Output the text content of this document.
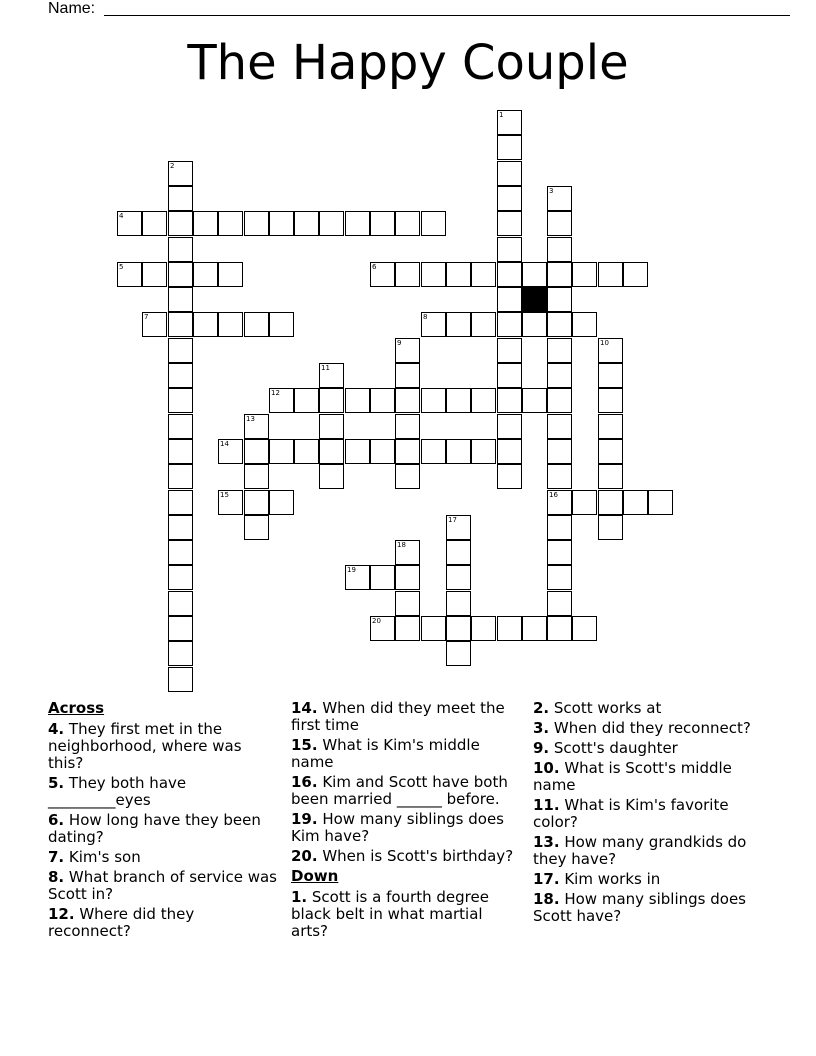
Name:
The Happy Couple
1
2
3
16
4
5	6
7	8
9	10
11
12
13
14
15
17
18
19
20
Across
4. They first met in the neighborhood, where was this?
5. They both have _________eyes
6. How long have they been dating?
7. Kim's son
8. What branch of service was Scott in?
12. Where did they reconnect?
14. When did they meet the first time
15. What is Kim's middle name
16. Kim and Scott have both been married ______ before.
19. How many siblings does Kim have?
20. When is Scott's birthday?
Down
1. Scott is a fourth degree black belt in what martial arts?
2. Scott works at
3. When did they reconnect?
9. Scott's daughter
10. What is Scott's middle name
11. What is Kim's favorite color?
13. How many grandkids do they have?
17. Kim works in
18. How many siblings does Scott have?
